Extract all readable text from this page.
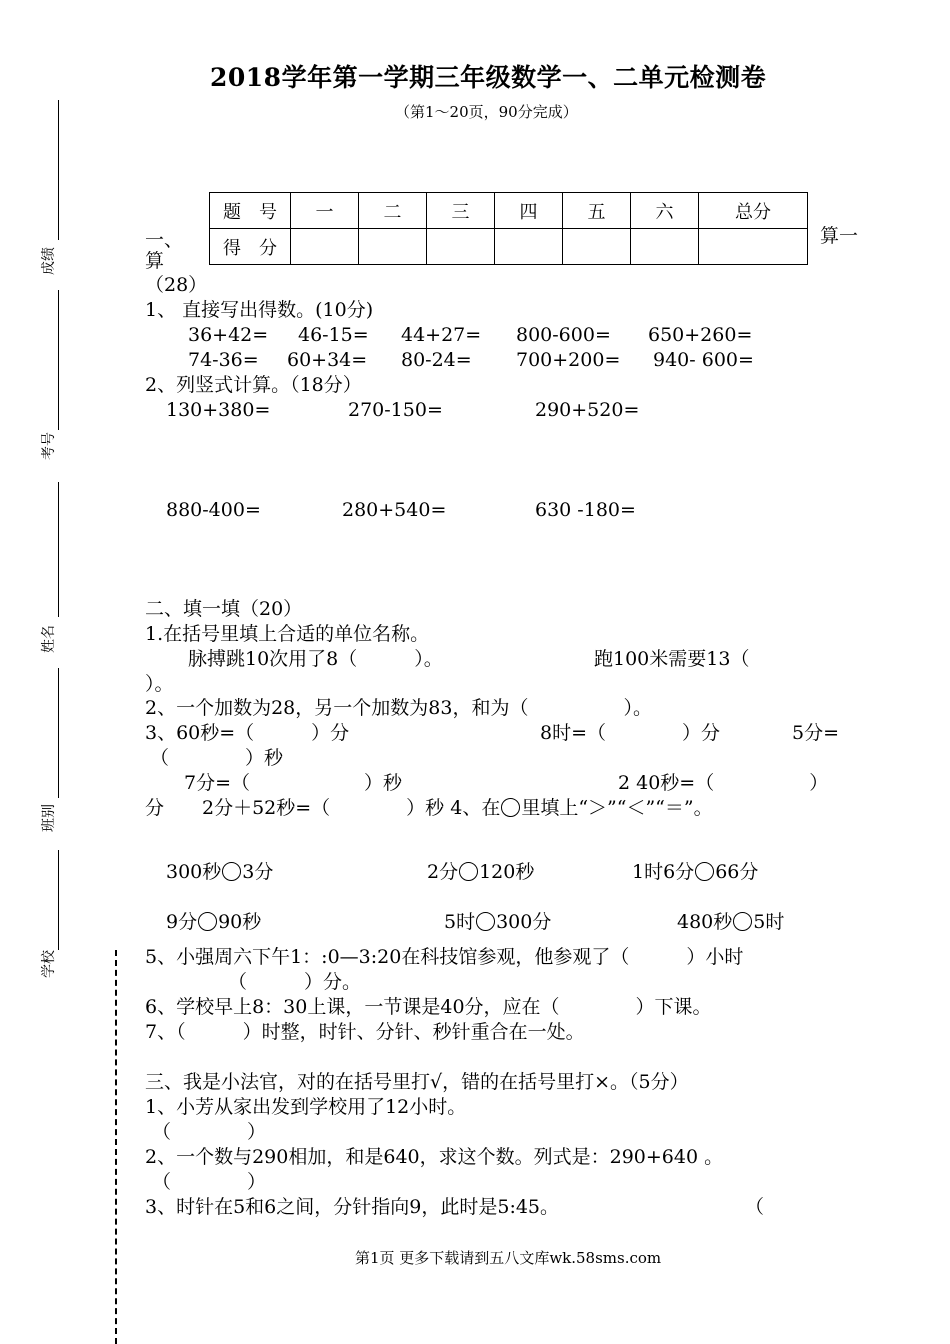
2018学年第一学期三年级数学一、二单元检测卷
（第1～20页，90分完成）
成绩
考号
姓名
班别
学校
题　号	一	二	三	四	五	六	总分
得　分							
一、
算
算一
（28）
1、 直接写出得数。(10分)
36+42= 46-15= 44+27= 800-600= 650+260=
74-36= 60+34= 80-24= 700+200= 940- 600=
2、列竖式计算。（18分）
130+380=	270-150=	290+520=
880-400=	280+540=	630 -180=
二、填一填（20）
1.在括号里填上合适的单位名称。
脉搏跳10次用了8（　　　）。	跑100米需要13（
）。
2、一个加数为28，另一个加数为83，和为（　　　　　）。
3、60秒=（　　　）分	8时=（　　　　）分	5分=
（　　　　）秒
7分=（　　　　　　）秒	2 40秒=（　　　　　）
分　　2分＋52秒=（　　　　）秒 4、在 里填上“＞”“＜”“＝”。
300秒 3分	2分 120秒	1时6分 66分
9分 90秒	5时 300分	480秒 5时
5、小强周六下午1：:0—3:20在科技馆参观，他参观了（　　　）小时
（　　　）分。
6、学校早上8：30上课，一节课是40分，应在（　　　　）下课。
7、（　　　）时整，时针、分针、秒针重合在一处。
三、我是小法官，对的在括号里打√，错的在括号里打×。（5分）
1、小芳从家出发到学校用了12小时。
（　　　　）
2、一个数与290相加，和是640，求这个数。列式是：290+640 。
（　　　　）
3、时针在5和6之间，分针指向9，此时是5:45。	（
第1页 更多下载请到五八文库wk.58sms.com
